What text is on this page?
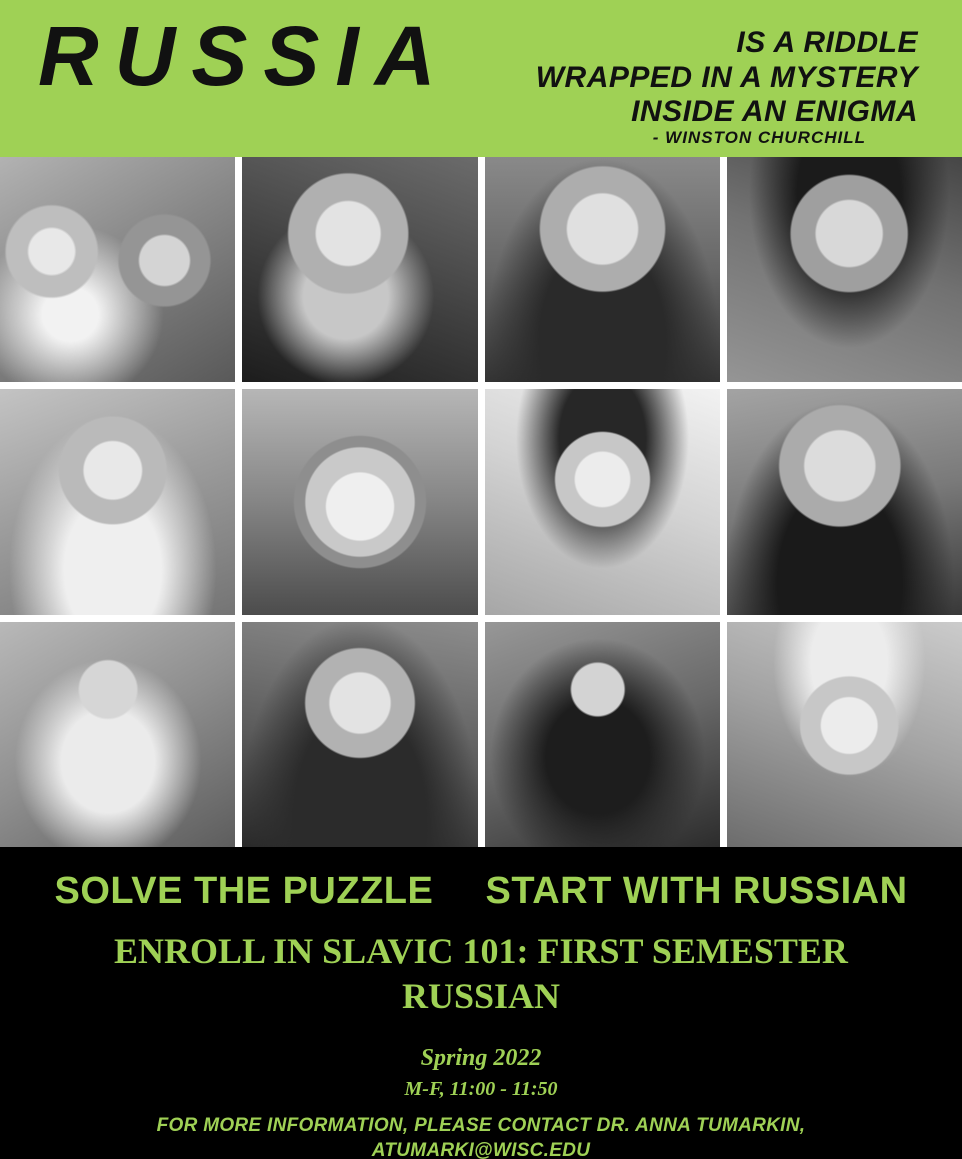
RUSSIA	IS A RIDDLE
WRAPPED IN A MYSTERY
INSIDE AN ENIGMA
- WINSTON CHURCHILL
SOLVE THE PUZZLE START WITH RUSSIAN
ENROLL IN SLAVIC 101: FIRST SEMESTER RUSSIAN
Spring 2022
M-F, 11:00 - 11:50
FOR MORE INFORMATION, PLEASE CONTACT DR. ANNA TUMARKIN,
ATUMARKI@WISC.EDU
